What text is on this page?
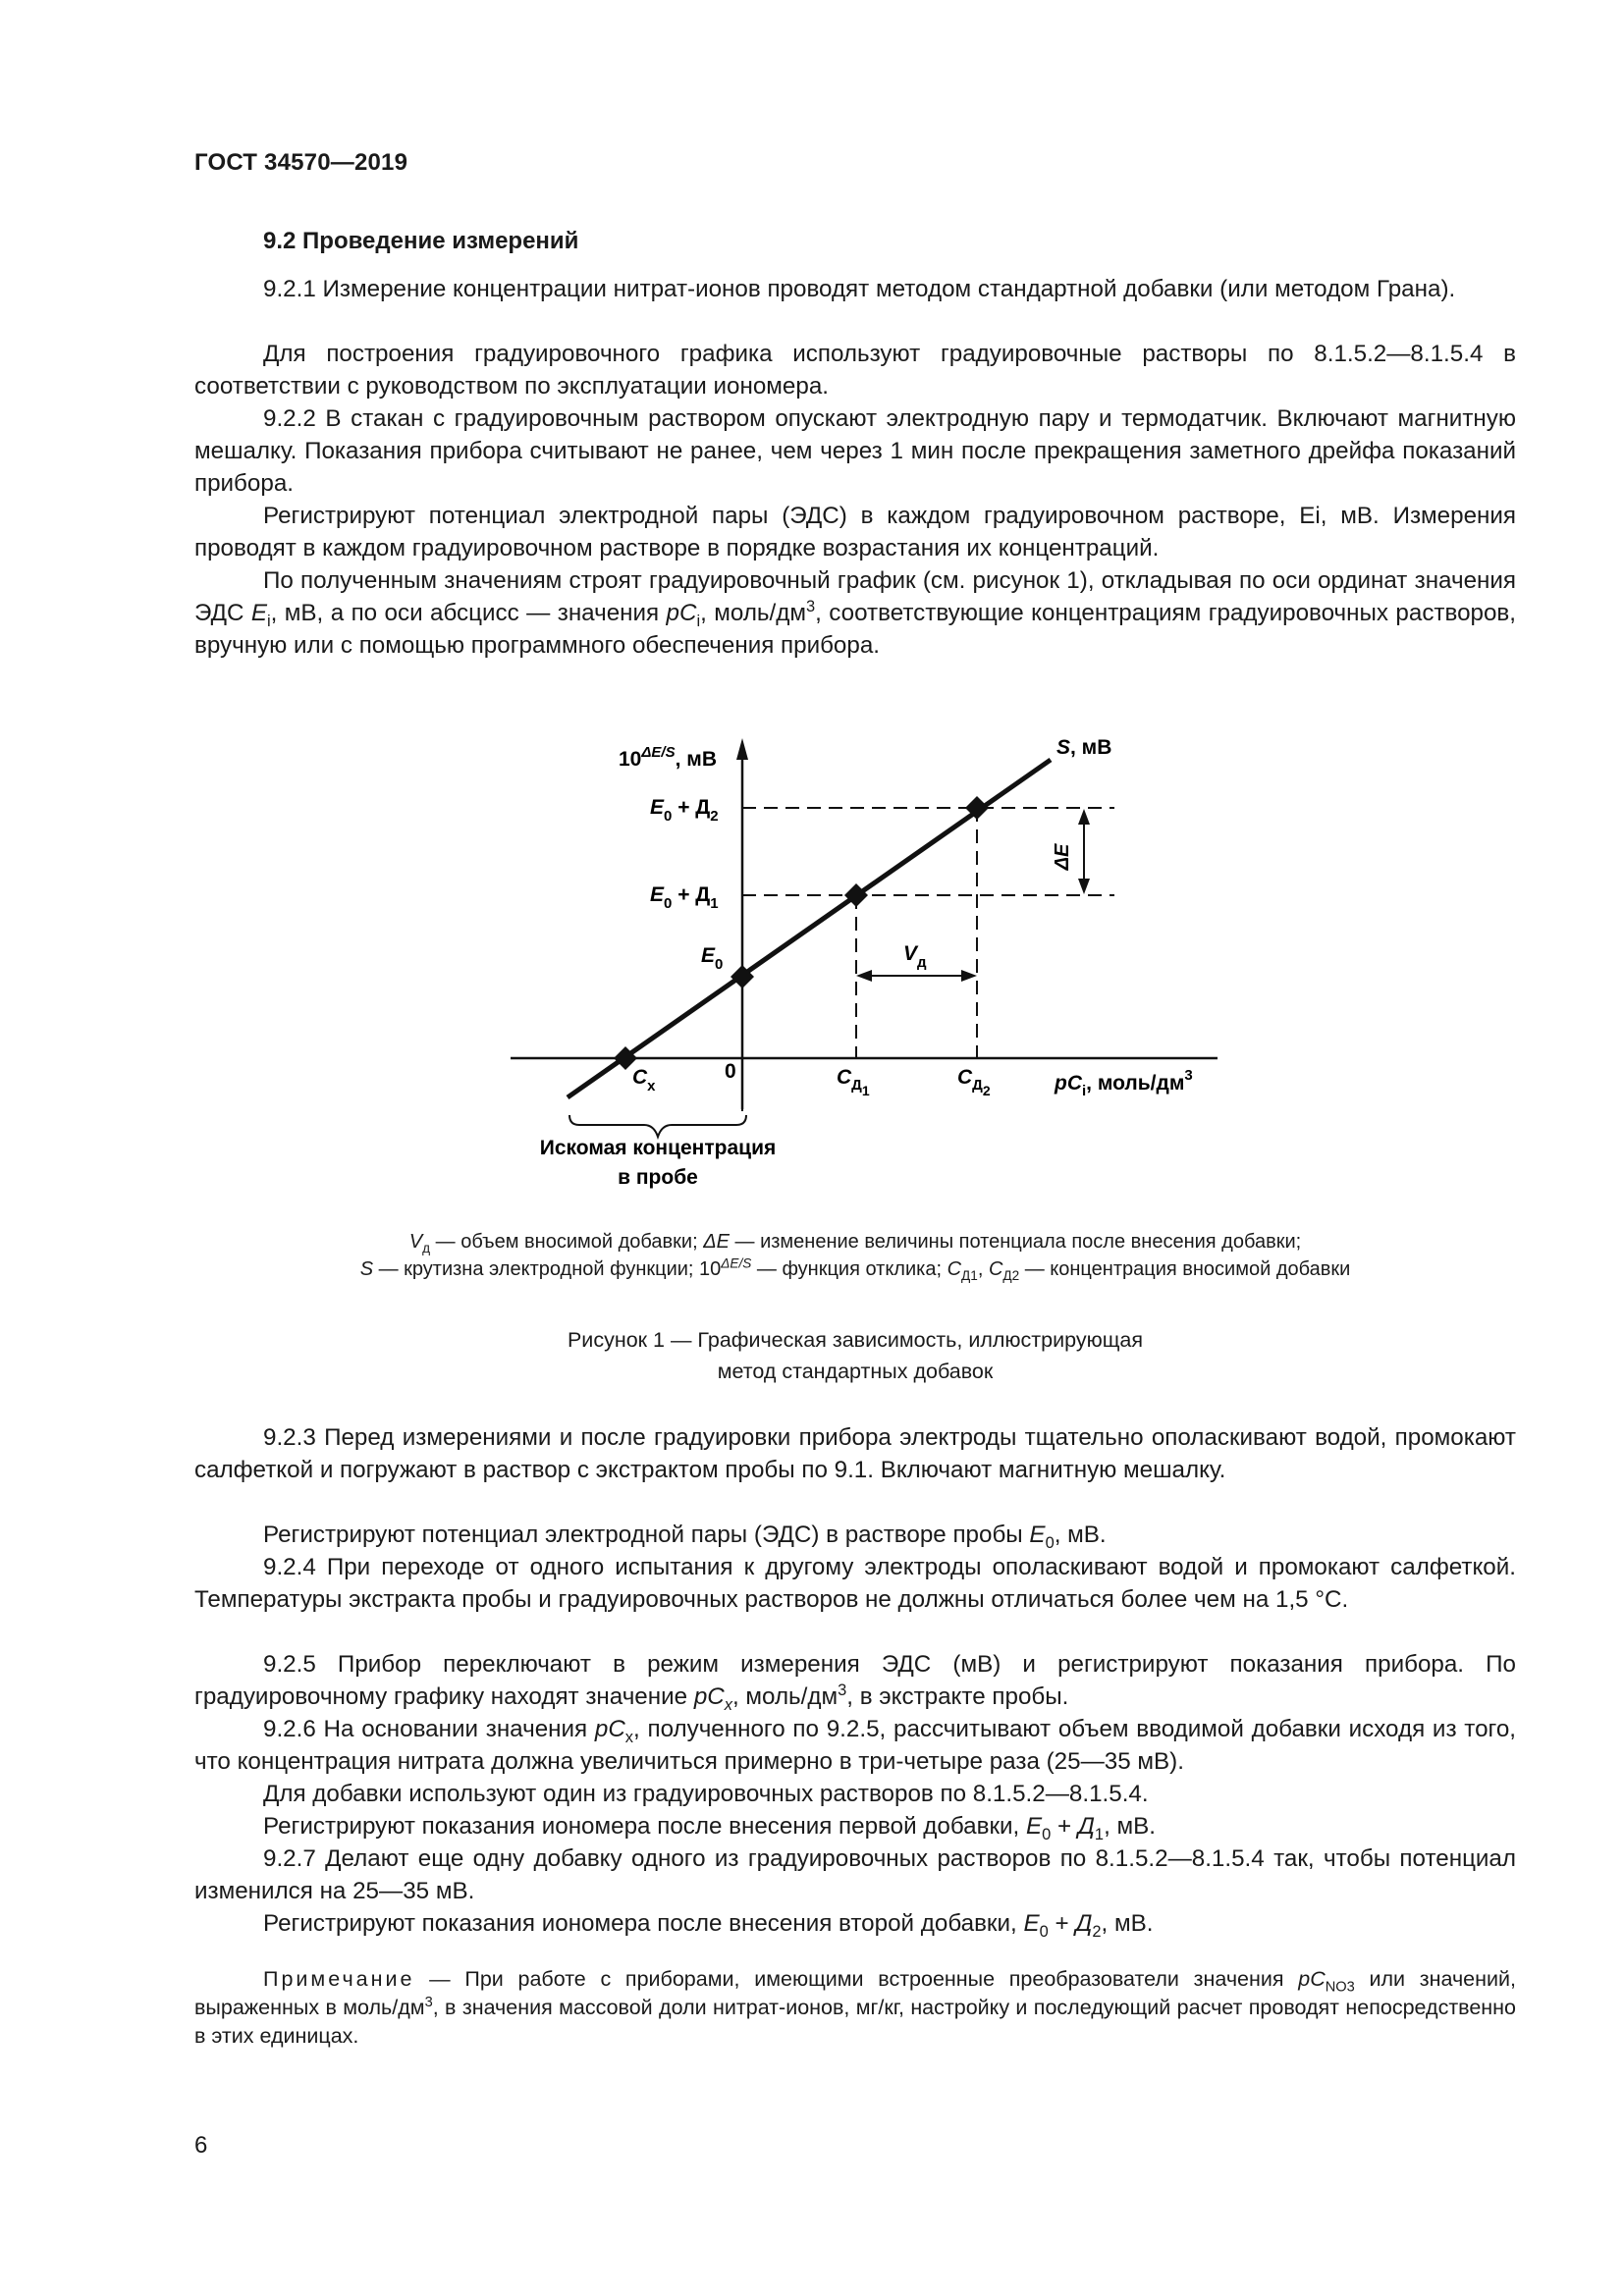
ГОСТ 34570—2019
9.2 Проведение измерений
9.2.1 Измерение концентрации нитрат-ионов проводят методом стандартной добавки (или методом Грана).
Для построения градуировочного графика используют градуировочные растворы по 8.1.5.2—8.1.5.4 в соответствии с руководством по эксплуатации иономера.
9.2.2 В стакан с градуировочным раствором опускают электродную пару и термодатчик. Включают магнитную мешалку. Показания прибора считывают не ранее, чем через 1 мин после прекращения заметного дрейфа показаний прибора.
Регистрируют потенциал электродной пары (ЭДС) в каждом градуировочном растворе, Ei, мВ. Измерения проводят в каждом градуировочном растворе в порядке возрастания их концентраций.
По полученным значениям строят градуировочный график (см. рисунок 1), откладывая по оси ординат значения ЭДС $E_i$, мВ, а по оси абсцисс — значения $pC_i$, моль/$дм^3$, соответствующие концентрациям градуировочных растворов, вручную или с помощью программного обеспечения прибора.
$10^{\Delta E/S}$, мВ
S, мВ
$E_0 + Д_2$
$E_0 + Д_1$
$E_0$
ΔE
$V_д$
$C_x$
0	$C_{Д1}$
$C_{Д2}$	$pC_i$, моль/$дм^3$
Искомая концентрация
в пробе
$V_д$ — объем вносимой добавки; ΔE — изменение величины потенциала после внесения добавки;
S — крутизна электродной функции; $10^{\Delta E/S}$ — функция отклика; $C_{Д1}$, $C_{Д2}$ — концентрация вносимой добавки
Рисунок 1 — Графическая зависимость, иллюстрирующая
метод стандартных добавок
9.2.3 Перед измерениями и после градуировки прибора электроды тщательно ополаскивают водой, промокают салфеткой и погружают в раствор с экстрактом пробы по 9.1. Включают магнитную мешалку.
Регистрируют потенциал электродной пары (ЭДС) в растворе пробы $E_0$, мВ.
9.2.4 При переходе от одного испытания к другому электроды ополаскивают водой и промокают салфеткой. Температуры экстракта пробы и градуировочных растворов не должны отличаться более чем на 1,5 °С.
9.2.5 Прибор переключают в режим измерения ЭДС (мВ) и регистрируют показания прибора. По градуировочному графику находят значение $pC_x$, моль/$дм^3$, в экстракте пробы.
9.2.6 На основании значения $pC_x$, полученного по 9.2.5, рассчитывают объем вводимой добавки исходя из того, что концентрация нитрата должна увеличиться примерно в три-четыре раза (25—35 мВ).
Для добавки используют один из градуировочных растворов по 8.1.5.2—8.1.5.4.
Регистрируют показания иономера после внесения первой добавки, $E_0 + Д_1$, мВ.
9.2.7 Делают еще одну добавку одного из градуировочных растворов по 8.1.5.2—8.1.5.4 так, чтобы потенциал изменился на 25—35 мВ.
Регистрируют показания иономера после внесения второй добавки, $E_0 + Д_2$, мВ.
Примечание — При работе с приборами, имеющими встроенные преобразователи значения $pC_{NO3}$ или значений, выраженных в моль/$дм^3$, в значения массовой доли нитрат-ионов, мг/кг, настройку и последующий расчет проводят непосредственно в этих единицах.
6
